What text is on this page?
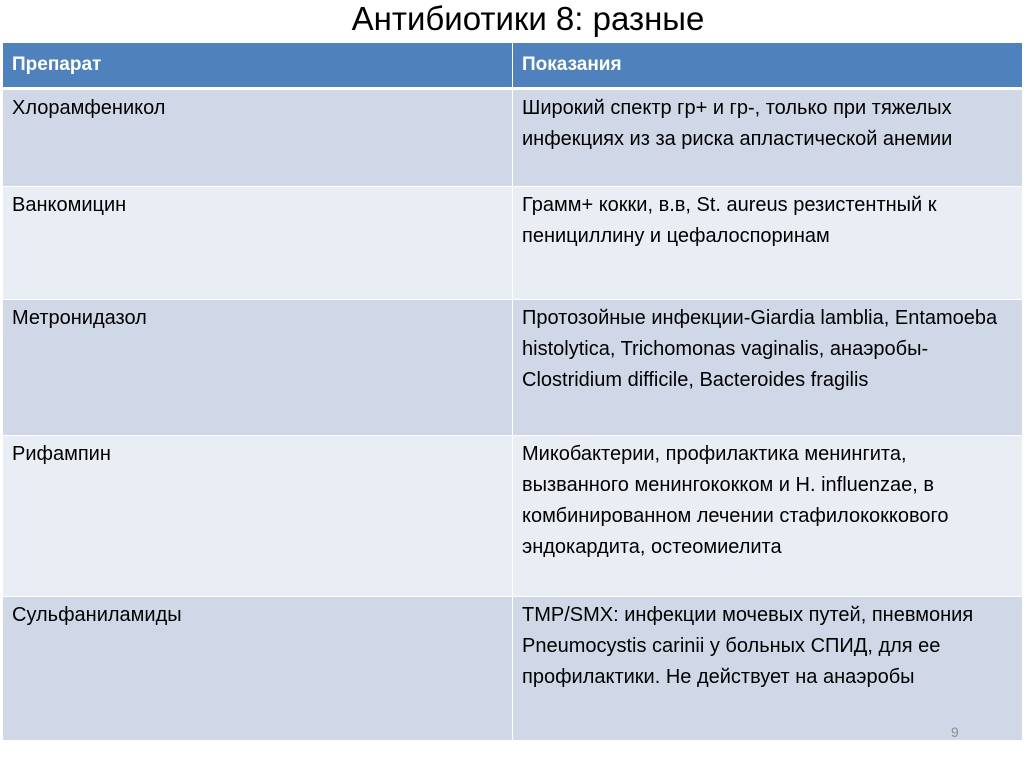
Антибиотики 8: разные
Препарат	Показания
Хлорамфеникол	Широкий спектр гр+ и гр-, только при тяжелых инфекциях из за риска апластической анемии
Ванкомицин	Грамм+ кокки, в.в, St. aureus резистентный к пенициллину и цефалоспоринам
Метронидазол	Протозойные инфекции-Giardia lamblia, Entamoeba histolytica, Trichomonas vaginalis, анаэробы- Clostridium difficile, Bacteroides fragilis
Рифампин	Микобактерии, профилактика менингита, вызванного менингококком и H. influenzae, в комбинированном лечении стафилококкового эндокардита, остеомиелита
Сульфаниламиды	TMP/SMX: инфекции мочевых путей, пневмония Pneumocystis carinii у больных СПИД, для ее профилактики. Не действует на анаэробы
9
